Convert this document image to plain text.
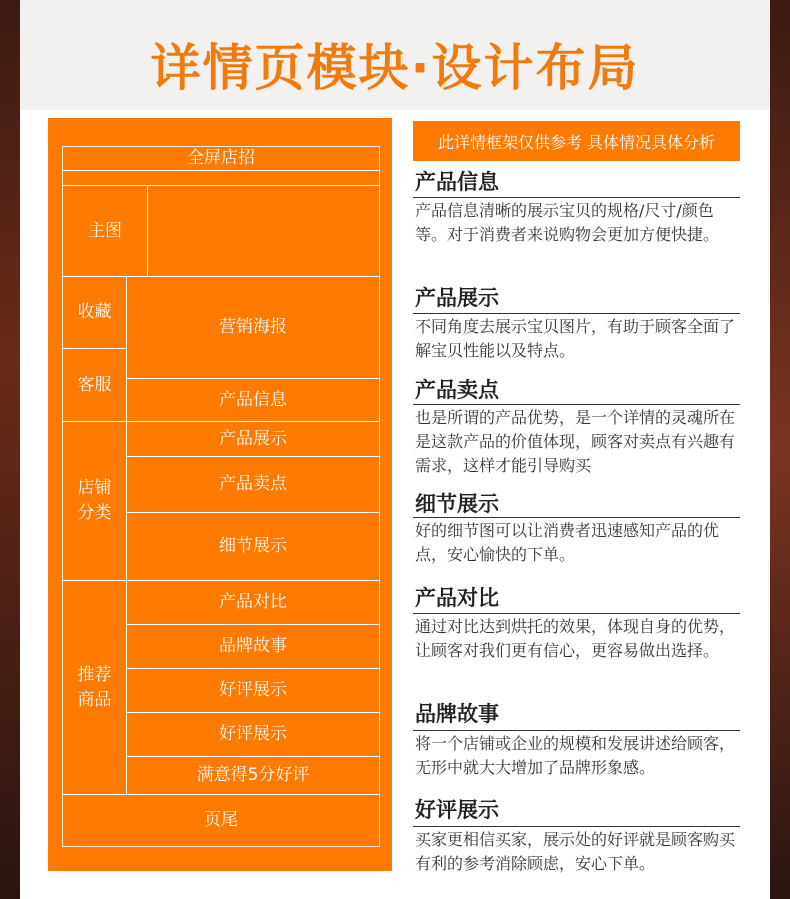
详情页模块·设计布局
全屏店招
主图
收藏
客服
营销海报
产品信息
店铺
分类
产品展示
产品卖点
细节展示
推荐
商品
产品对比
品牌故事
好评展示
好评展示
满意得5分好评
页尾
此详情框架仅供参考 具体情况具体分析
产品信息
产品信息清晰的展示宝贝的规格/尺寸/颜色等。对于消费者来说购物会更加方便快捷。
产品展示
不同角度去展示宝贝图片，有助于顾客全面了解宝贝性能以及特点。
产品卖点
也是所谓的产品优势，是一个详情的灵魂所在是这款产品的价值体现，顾客对卖点有兴趣有需求，这样才能引导购买
细节展示
好的细节图可以让消费者迅速感知产品的优点，安心愉快的下单。
产品对比
通过对比达到烘托的效果，体现自身的优势，让顾客对我们更有信心，更容易做出选择。
品牌故事
将一个店铺或企业的规模和发展讲述给顾客，无形中就大大增加了品牌形象感。
好评展示
买家更相信买家，展示处的好评就是顾客购买有利的参考消除顾虑，安心下单。
